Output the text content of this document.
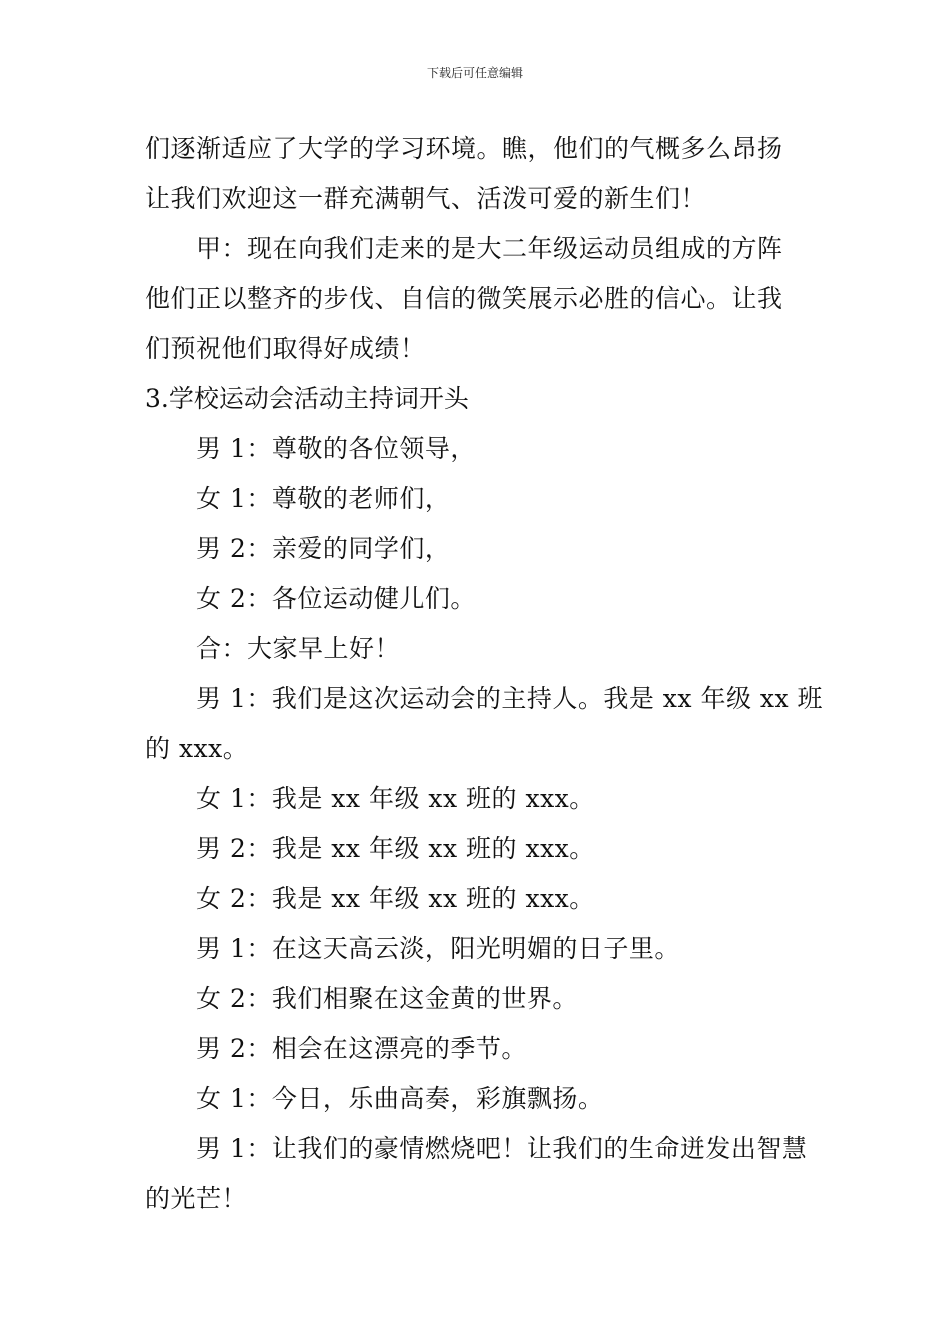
下载后可任意编辑

们逐渐适应了大学的学习环境。瞧，他们的气概多么昂扬

让我们欢迎这一群充满朝气、活泼可爱的新生们！

甲：现在向我们走来的是大二年级运动员组成的方阵

他们正以整齐的步伐、自信的微笑展示必胜的信心。让我

们预祝他们取得好成绩！

3.学校运动会活动主持词开头

男 1：尊敬的各位领导，

女 1：尊敬的老师们，

男 2：亲爱的同学们，

女 2：各位运动健儿们。

合：大家早上好！

男 1：我们是这次运动会的主持人。我是 xx 年级 xx 班

的 xxx。

女 1：我是 xx 年级 xx 班的 xxx。

男 2：我是 xx 年级 xx 班的 xxx。

女 2：我是 xx 年级 xx 班的 xxx。

男 1：在这天高云淡，阳光明媚的日子里。

女 2：我们相聚在这金黄的世界。

男 2：相会在这漂亮的季节。

女 1：今日，乐曲高奏，彩旗飘扬。

男 1：让我们的豪情燃烧吧！让我们的生命迸发出智慧

的光芒！
